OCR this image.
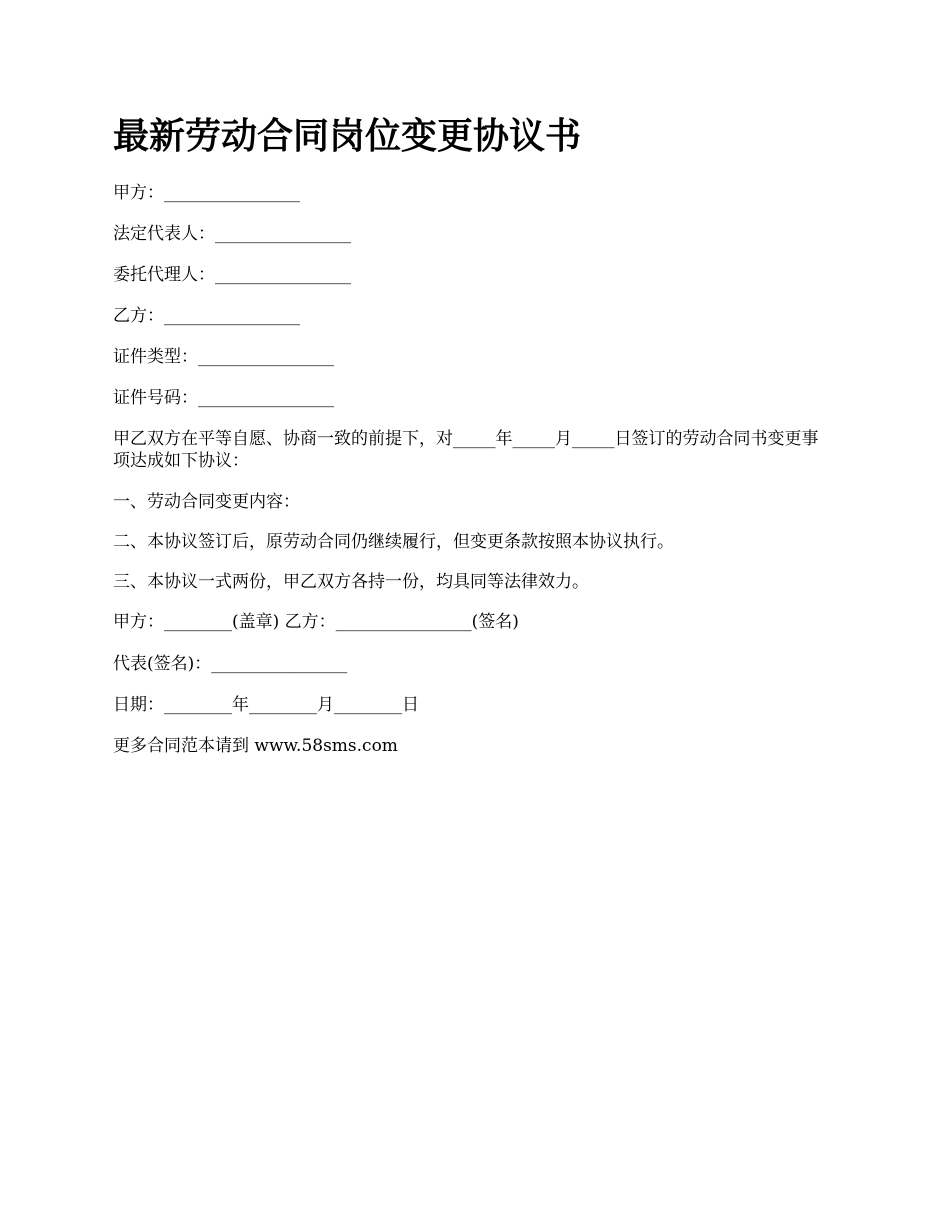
最新劳动合同岗位变更协议书

甲方：________________

法定代表人：________________

委托代理人：________________

乙方：________________

证件类型：________________

证件号码：________________

甲乙双方在平等自愿、协商一致的前提下，对_____年_____月_____日签订的劳动合同书变更事项达成如下协议：

一、劳动合同变更内容：

二、本协议签订后，原劳动合同仍继续履行，但变更条款按照本协议执行。

三、本协议一式两份，甲乙双方各持一份，均具同等法律效力。

甲方：________(盖章) 乙方：________________(签名)

代表(签名)：________________

日期：________年________月________日

更多合同范本请到 www.58sms.com
